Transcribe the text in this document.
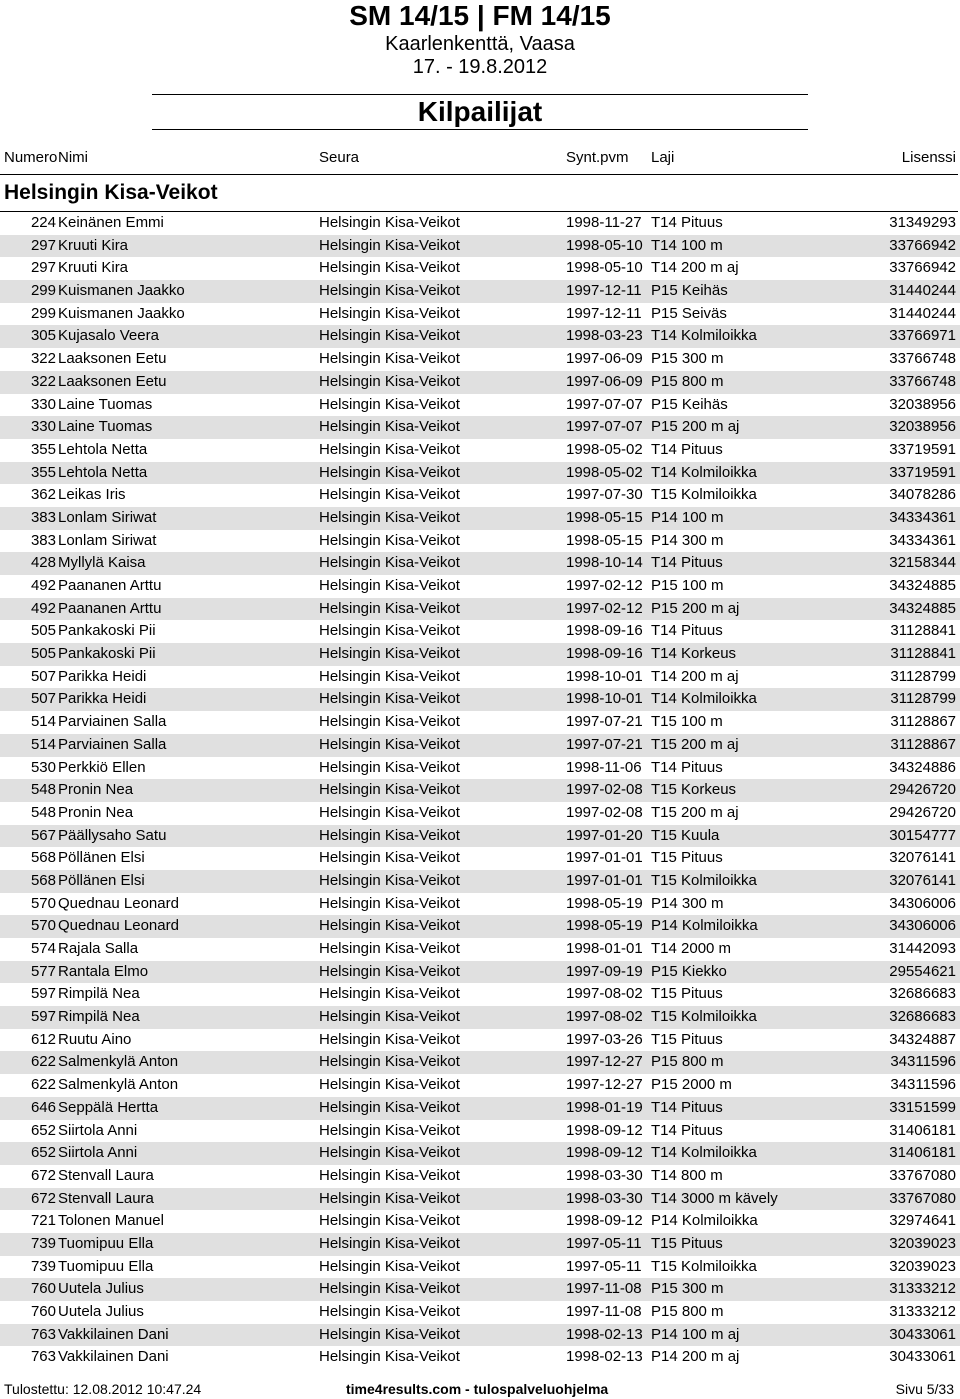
SM 14/15 | FM 14/15
Kaarlenkenttä, Vaasa
17. - 19.8.2012
Kilpailijat
Numero Nimi	Seura	Synt.pvm Laji	Lisenssi
Helsingin Kisa-Veikot
224 Keinänen Emmi	Helsingin Kisa-Veikot	1998-11-27 T14 Pituus	31349293
297 Kruuti Kira	Helsingin Kisa-Veikot	1998-05-10 T14 100 m	33766942
297 Kruuti Kira	Helsingin Kisa-Veikot	1998-05-10 T14 200 m aj	33766942
299 Kuismanen Jaakko	Helsingin Kisa-Veikot	1997-12-11 P15 Keihäs	31440244
299 Kuismanen Jaakko	Helsingin Kisa-Veikot	1997-12-11 P15 Seiväs	31440244
305 Kujasalo Veera	Helsingin Kisa-Veikot	1998-03-23 T14 Kolmiloikka	33766971
322 Laaksonen Eetu	Helsingin Kisa-Veikot	1997-06-09 P15 300 m	33766748
322 Laaksonen Eetu	Helsingin Kisa-Veikot	1997-06-09 P15 800 m	33766748
330 Laine Tuomas	Helsingin Kisa-Veikot	1997-07-07 P15 Keihäs	32038956
330 Laine Tuomas	Helsingin Kisa-Veikot	1997-07-07 P15 200 m aj	32038956
355 Lehtola Netta	Helsingin Kisa-Veikot	1998-05-02 T14 Pituus	33719591
355 Lehtola Netta	Helsingin Kisa-Veikot	1998-05-02 T14 Kolmiloikka	33719591
362 Leikas Iris	Helsingin Kisa-Veikot	1997-07-30 T15 Kolmiloikka	34078286
383 Lonlam Siriwat	Helsingin Kisa-Veikot	1998-05-15 P14 100 m	34334361
383 Lonlam Siriwat	Helsingin Kisa-Veikot	1998-05-15 P14 300 m	34334361
428 Myllylä Kaisa	Helsingin Kisa-Veikot	1998-10-14 T14 Pituus	32158344
492 Paananen Arttu	Helsingin Kisa-Veikot	1997-02-12 P15 100 m	34324885
492 Paananen Arttu	Helsingin Kisa-Veikot	1997-02-12 P15 200 m aj	34324885
505 Pankakoski Pii	Helsingin Kisa-Veikot	1998-09-16 T14 Pituus	31128841
505 Pankakoski Pii	Helsingin Kisa-Veikot	1998-09-16 T14 Korkeus	31128841
507 Parikka Heidi	Helsingin Kisa-Veikot	1998-10-01 T14 200 m aj	31128799
507 Parikka Heidi	Helsingin Kisa-Veikot	1998-10-01 T14 Kolmiloikka	31128799
514 Parviainen Salla	Helsingin Kisa-Veikot	1997-07-21 T15 100 m	31128867
514 Parviainen Salla	Helsingin Kisa-Veikot	1997-07-21 T15 200 m aj	31128867
530 Perkkiö Ellen	Helsingin Kisa-Veikot	1998-11-06 T14 Pituus	34324886
548 Pronin Nea	Helsingin Kisa-Veikot	1997-02-08 T15 Korkeus	29426720
548 Pronin Nea	Helsingin Kisa-Veikot	1997-02-08 T15 200 m aj	29426720
567 Päällysaho Satu	Helsingin Kisa-Veikot	1997-01-20 T15 Kuula	30154777
568 Pöllänen Elsi	Helsingin Kisa-Veikot	1997-01-01 T15 Pituus	32076141
568 Pöllänen Elsi	Helsingin Kisa-Veikot	1997-01-01 T15 Kolmiloikka	32076141
570 Quednau Leonard	Helsingin Kisa-Veikot	1998-05-19 P14 300 m	34306006
570 Quednau Leonard	Helsingin Kisa-Veikot	1998-05-19 P14 Kolmiloikka	34306006
574 Rajala Salla	Helsingin Kisa-Veikot	1998-01-01 T14 2000 m	31442093
577 Rantala Elmo	Helsingin Kisa-Veikot	1997-09-19 P15 Kiekko	29554621
597 Rimpilä Nea	Helsingin Kisa-Veikot	1997-08-02 T15 Pituus	32686683
597 Rimpilä Nea	Helsingin Kisa-Veikot	1997-08-02 T15 Kolmiloikka	32686683
612 Ruutu Aino	Helsingin Kisa-Veikot	1997-03-26 T15 Pituus	34324887
622 Salmenkylä Anton	Helsingin Kisa-Veikot	1997-12-27 P15 800 m	34311596
622 Salmenkylä Anton	Helsingin Kisa-Veikot	1997-12-27 P15 2000 m	34311596
646 Seppälä Hertta	Helsingin Kisa-Veikot	1998-01-19 T14 Pituus	33151599
652 Siirtola Anni	Helsingin Kisa-Veikot	1998-09-12 T14 Pituus	31406181
652 Siirtola Anni	Helsingin Kisa-Veikot	1998-09-12 T14 Kolmiloikka	31406181
672 Stenvall Laura	Helsingin Kisa-Veikot	1998-03-30 T14 800 m	33767080
672 Stenvall Laura	Helsingin Kisa-Veikot	1998-03-30 T14 3000 m kävely	33767080
721 Tolonen Manuel	Helsingin Kisa-Veikot	1998-09-12 P14 Kolmiloikka	32974641
739 Tuomipuu Ella	Helsingin Kisa-Veikot	1997-05-11 T15 Pituus	32039023
739 Tuomipuu Ella	Helsingin Kisa-Veikot	1997-05-11 T15 Kolmiloikka	32039023
760 Uutela Julius	Helsingin Kisa-Veikot	1997-11-08 P15 300 m	31333212
760 Uutela Julius	Helsingin Kisa-Veikot	1997-11-08 P15 800 m	31333212
763 Vakkilainen Dani	Helsingin Kisa-Veikot	1998-02-13 P14 100 m aj	30433061
763 Vakkilainen Dani	Helsingin Kisa-Veikot	1998-02-13 P14 200 m aj	30433061
Tulostettu: 12.08.2012 10:47.24	time4results.com - tulospalveluohjelma	Sivu 5/33
